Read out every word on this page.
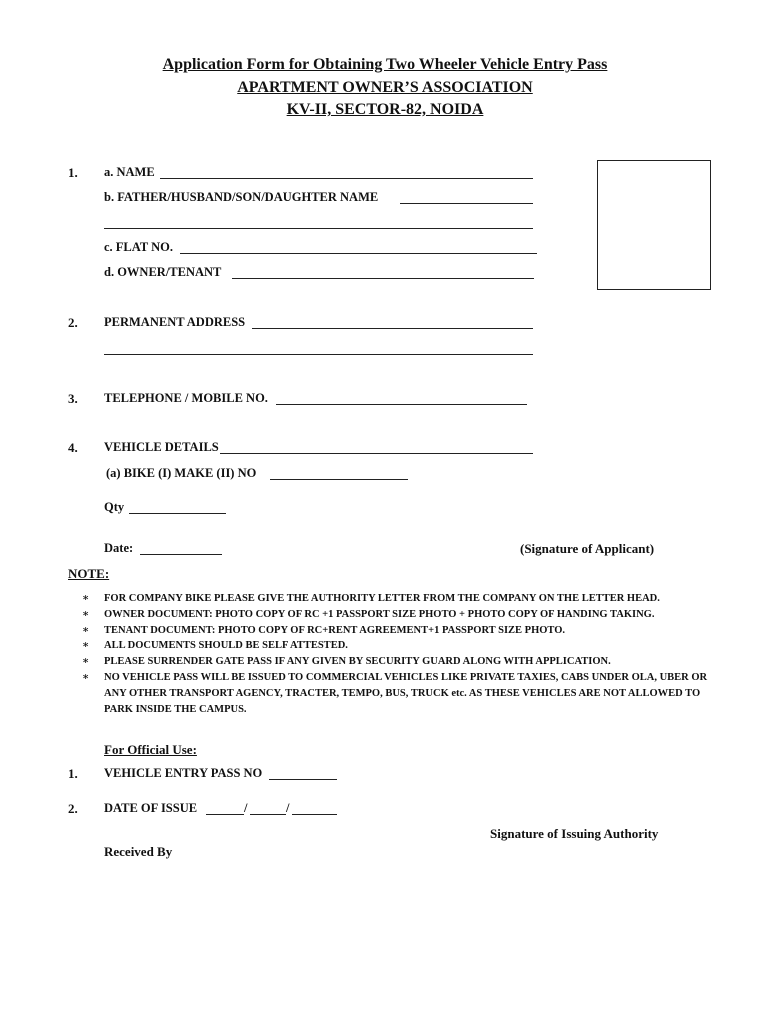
Application Form for Obtaining Two Wheeler Vehicle Entry Pass
APARTMENT OWNER’S ASSOCIATION
KV-II, SECTOR-82, NOIDA
1. a. NAME
b. FATHER/HUSBAND/SON/DAUGHTER NAME
c. FLAT NO.
d. OWNER/TENANT
2. PERMANENT ADDRESS
3. TELEPHONE / MOBILE NO.
4. VEHICLE DETAILS
(a) BIKE (I) MAKE (II) NO
Qty
Date:	(Signature of Applicant)
NOTE:
∗ FOR COMPANY BIKE PLEASE GIVE THE AUTHORITY LETTER FROM THE COMPANY ON THE LETTER HEAD.
∗ OWNER DOCUMENT: PHOTO COPY OF RC +1 PASSPORT SIZE PHOTO + PHOTO COPY OF HANDING TAKING.
∗ TENANT DOCUMENT: PHOTO COPY OF RC+RENT AGREEMENT+1 PASSPORT SIZE PHOTO.
∗ ALL DOCUMENTS SHOULD BE SELF ATTESTED.
∗ PLEASE SURRENDER GATE PASS IF ANY GIVEN BY SECURITY GUARD ALONG WITH APPLICATION.
∗ NO VEHICLE PASS WILL BE ISSUED TO COMMERCIAL VEHICLES LIKE PRIVATE TAXIES, CABS UNDER OLA, UBER OR ANY OTHER TRANSPORT AGENCY, TRACTER, TEMPO, BUS, TRUCK etc. AS THESE VEHICLES ARE NOT ALLOWED TO PARK INSIDE THE CAMPUS.
For Official Use:
1. VEHICLE ENTRY PASS NO
2. DATE OF ISSUE	/	/
Signature of Issuing Authority
Received By
